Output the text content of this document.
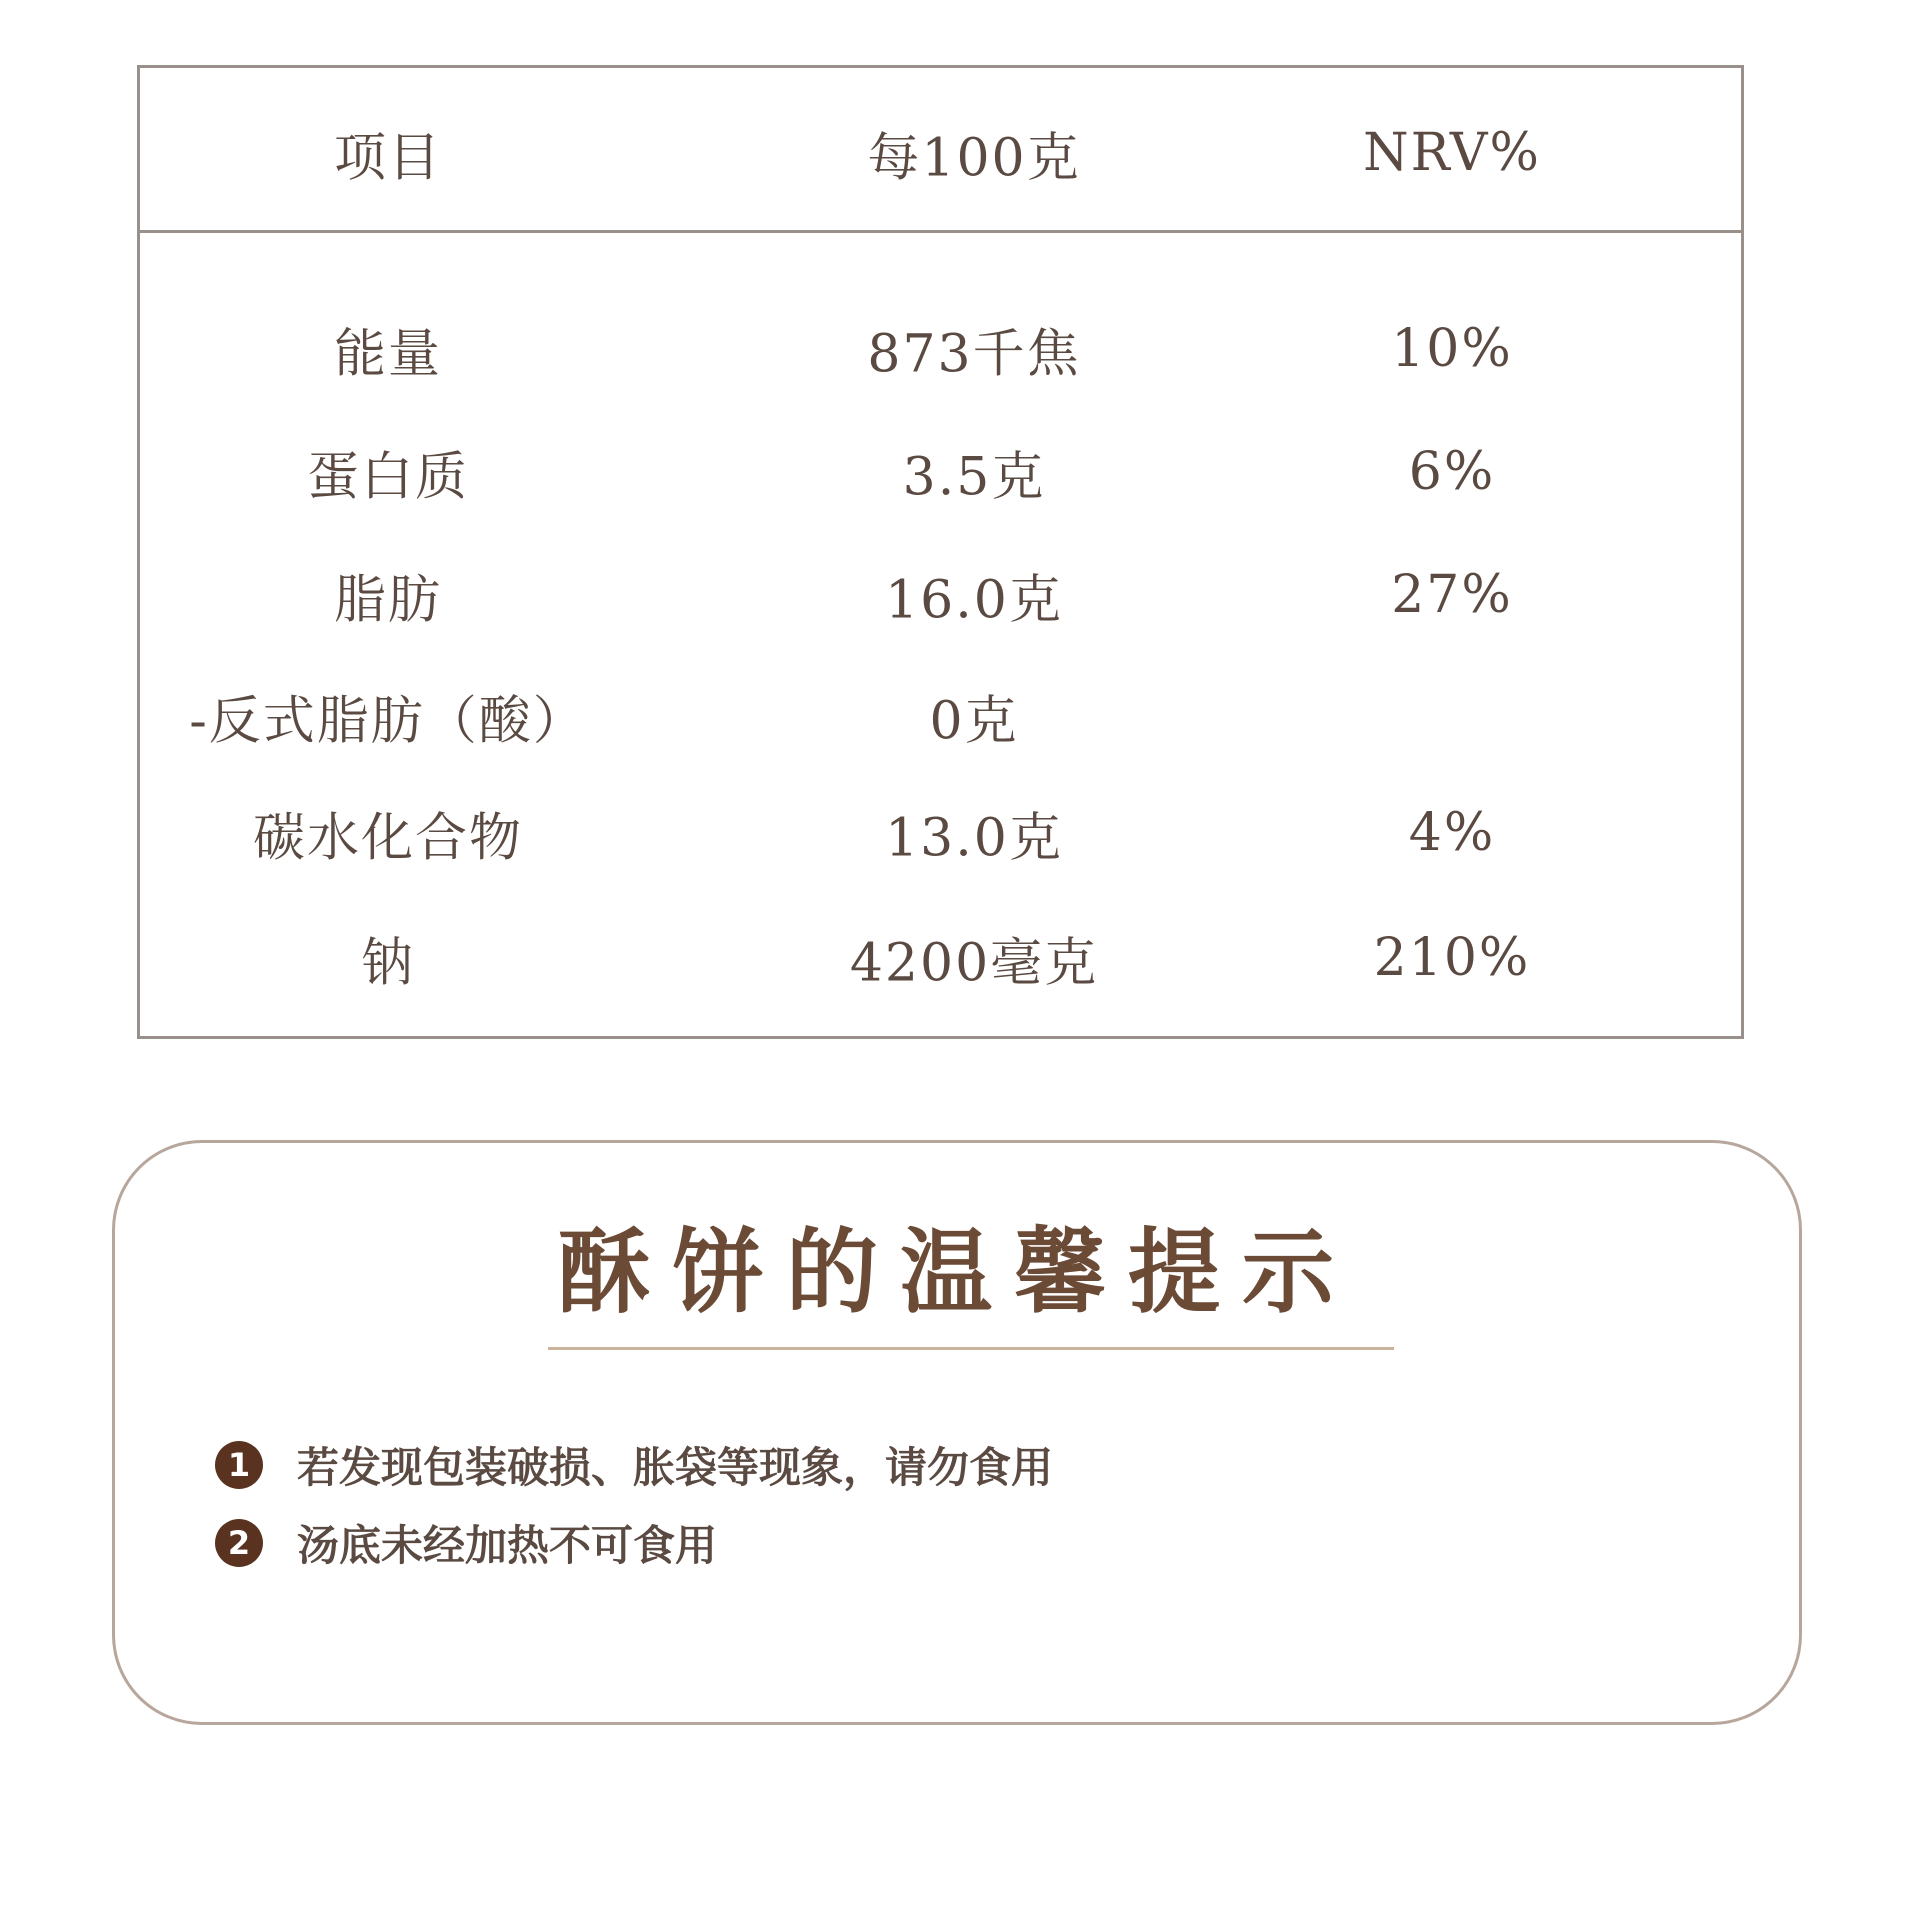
项目	每100克	NRV%
能量	873千焦	10%
蛋白质	3.5克	6%
脂肪	16.0克	27%
-反式脂肪（酸）	0克
碳水化合物	13.0克	4%
钠	4200毫克	210%
酥饼的温馨提示
1	若发现包装破损、胀袋等现象，请勿食用
2	汤底未经加热不可食用
